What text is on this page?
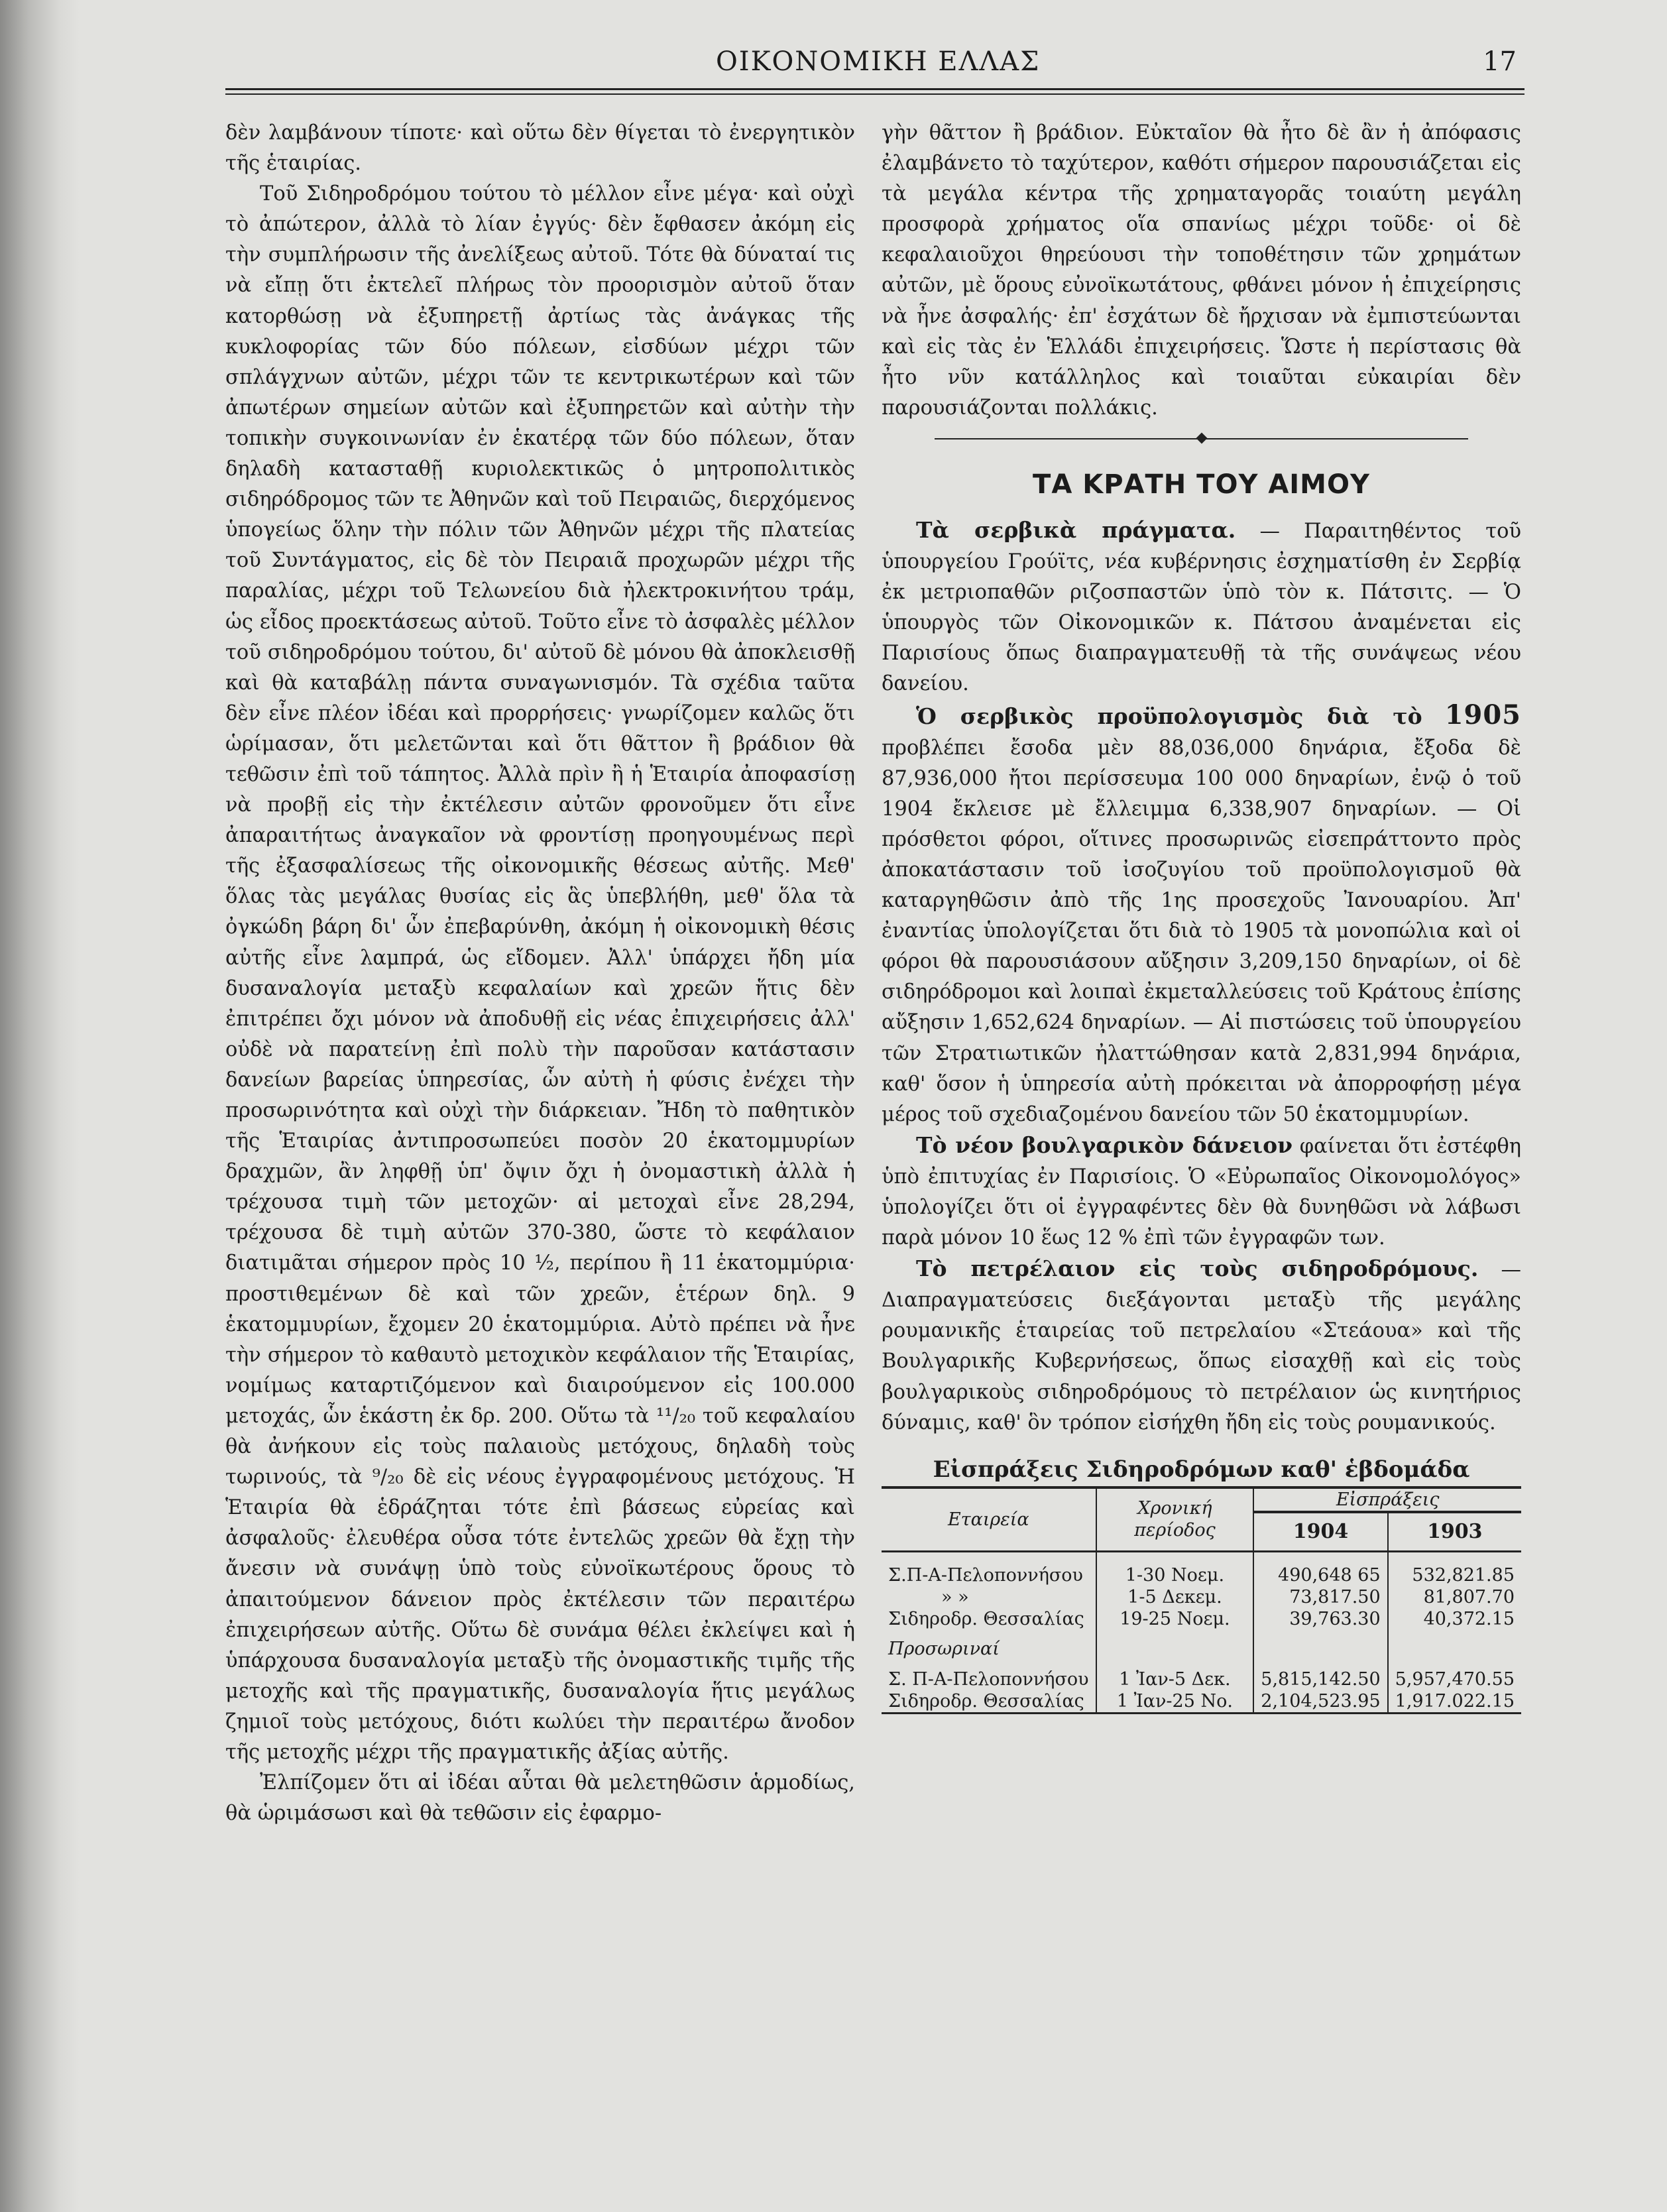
ΟΙΚΟΝΟΜΙΚΗ ΕΛΛΑΣ	17

δὲν λαμβάνουν τίποτε· καὶ οὕτω δὲν θίγεται τὸ ἐνεργητικὸν τῆς ἑταιρίας.

Τοῦ Σιδηροδρόμου τούτου τὸ μέλλον εἶνε μέγα· καὶ οὐχὶ τὸ ἀπώτερον, ἀλλὰ τὸ λίαν ἐγγύς· δὲν ἔφθασεν ἀκόμη εἰς τὴν συμπλήρωσιν τῆς ἀνελίξεως αὐτοῦ. Τότε θὰ δύναταί τις νὰ εἴπῃ ὅτι ἐκτελεῖ πλήρως τὸν προορισμὸν αὐτοῦ ὅταν κατορθώσῃ νὰ ἐξυπηρετῇ ἀρτίως τὰς ἀνάγκας τῆς κυκλοφορίας τῶν δύο πόλεων, εἰσδύων μέχρι τῶν σπλάγχνων αὐτῶν, μέχρι τῶν τε κεντρικωτέρων καὶ τῶν ἀπωτέρων σημείων αὐτῶν καὶ ἐξυπηρετῶν καὶ αὐτὴν τὴν τοπικὴν συγκοινωνίαν ἐν ἑκατέρᾳ τῶν δύο πόλεων, ὅταν δηλαδὴ κατασταθῇ κυριολεκτικῶς ὁ μητροπολιτικὸς σιδηρόδρομος τῶν τε Ἀθηνῶν καὶ τοῦ Πειραιῶς, διερχόμενος ὑπογείως ὅλην τὴν πόλιν τῶν Ἀθηνῶν μέχρι τῆς πλατείας τοῦ Συντάγματος, εἰς δὲ τὸν Πειραιᾶ προχωρῶν μέχρι τῆς παραλίας, μέχρι τοῦ Τελωνείου διὰ ἠλεκτροκινήτου τράμ, ὡς εἶδος προεκτάσεως αὐτοῦ. Τοῦτο εἶνε τὸ ἀσφαλὲς μέλλον τοῦ σιδηροδρόμου τούτου, δι' αὐτοῦ δὲ μόνου θὰ ἀποκλεισθῇ καὶ θὰ καταβάλῃ πάντα συναγωνισμόν. Τὰ σχέδια ταῦτα δὲν εἶνε πλέον ἰδέαι καὶ προρρήσεις· γνωρίζομεν καλῶς ὅτι ὡρίμασαν, ὅτι μελετῶνται καὶ ὅτι θᾶττον ἢ βράδιον θὰ τεθῶσιν ἐπὶ τοῦ τάπητος. Ἀλλὰ πρὶν ἢ ἡ Ἑταιρία ἀποφασίσῃ νὰ προβῇ εἰς τὴν ἐκτέλεσιν αὐτῶν φρονοῦμεν ὅτι εἶνε ἀπαραιτήτως ἀναγκαῖον νὰ φροντίσῃ προηγουμένως περὶ τῆς ἐξασφαλίσεως τῆς οἰκονομικῆς θέσεως αὐτῆς. Μεθ' ὅλας τὰς μεγάλας θυσίας εἰς ἃς ὑπεβλήθη, μεθ' ὅλα τὰ ὀγκώδη βάρη δι' ὧν ἐπεβαρύνθη, ἀκόμη ἡ οἰκονομικὴ θέσις αὐτῆς εἶνε λαμπρά, ὡς εἴδομεν. Ἀλλ' ὑπάρχει ἤδη μία δυσαναλογία μεταξὺ κεφαλαίων καὶ χρεῶν ἥτις δὲν ἐπιτρέπει ὄχι μόνον νὰ ἀποδυθῇ εἰς νέας ἐπιχειρήσεις ἀλλ' οὐδὲ νὰ παρατείνῃ ἐπὶ πολὺ τὴν παροῦσαν κατάστασιν δανείων βαρείας ὑπηρεσίας, ὧν αὐτὴ ἡ φύσις ἐνέχει τὴν προσωρινότητα καὶ οὐχὶ τὴν διάρκειαν. Ἤδη τὸ παθητικὸν τῆς Ἑταιρίας ἀντιπροσωπεύει ποσὸν 20 ἑκατομμυρίων δραχμῶν, ἂν ληφθῇ ὑπ' ὄψιν ὄχι ἡ ὀνομαστικὴ ἀλλὰ ἡ τρέχουσα τιμὴ τῶν μετοχῶν· αἱ μετοχαὶ εἶνε 28,294, τρέχουσα δὲ τιμὴ αὐτῶν 370-380, ὥστε τὸ κεφάλαιον διατιμᾶται σήμερον πρὸς 10 ½, περίπου ἢ 11 ἑκατομμύρια· προστιθεμένων δὲ καὶ τῶν χρεῶν, ἑτέρων δηλ. 9 ἑκατομμυρίων, ἔχομεν 20 ἑκατομμύρια. Αὐτὸ πρέπει νὰ ἦνε τὴν σήμερον τὸ καθαυτὸ μετοχικὸν κεφάλαιον τῆς Ἑταιρίας, νομίμως καταρτιζόμενον καὶ διαιρούμενον εἰς 100.000 μετοχάς, ὧν ἑκάστη ἐκ δρ. 200. Οὕτω τὰ ¹¹/₂₀ τοῦ κεφαλαίου θὰ ἀνήκουν εἰς τοὺς παλαιοὺς μετόχους, δηλαδὴ τοὺς τωρινούς, τὰ ⁹/₂₀ δὲ εἰς νέους ἐγγραφομένους μετόχους. Ἡ Ἑταιρία θὰ ἑδράζηται τότε ἐπὶ βάσεως εὐρείας καὶ ἀσφαλοῦς· ἐλευθέρα οὖσα τότε ἐντελῶς χρεῶν θὰ ἔχῃ τὴν ἄνεσιν νὰ συνάψῃ ὑπὸ τοὺς εὐνοϊκωτέρους ὅρους τὸ ἀπαιτούμενον δάνειον πρὸς ἐκτέλεσιν τῶν περαιτέρω ἐπιχειρήσεων αὐτῆς. Οὕτω δὲ συνάμα θέλει ἐκλείψει καὶ ἡ ὑπάρχουσα δυσαναλογία μεταξὺ τῆς ὀνομαστικῆς τιμῆς τῆς μετοχῆς καὶ τῆς πραγματικῆς, δυσαναλογία ἥτις μεγάλως ζημιοῖ τοὺς μετόχους, διότι κωλύει τὴν περαιτέρω ἄνοδον τῆς μετοχῆς μέχρι τῆς πραγματικῆς ἀξίας αὐτῆς.

Ἐλπίζομεν ὅτι αἱ ἰδέαι αὗται θὰ μελετηθῶσιν ἁρμοδίως, θὰ ὡριμάσωσι καὶ θὰ τεθῶσιν εἰς ἐφαρμο-

γὴν θᾶττον ἢ βράδιον. Εὐκταῖον θὰ ἦτο δὲ ἂν ἡ ἀπόφασις ἐλαμβάνετο τὸ ταχύτερον, καθότι σήμερον παρουσιάζεται εἰς τὰ μεγάλα κέντρα τῆς χρηματαγορᾶς τοιαύτη μεγάλη προσφορὰ χρήματος οἵα σπανίως μέχρι τοῦδε· οἱ δὲ κεφαλαιοῦχοι θηρεύουσι τὴν τοποθέτησιν τῶν χρημάτων αὐτῶν, μὲ ὅρους εὐνοϊκωτάτους, φθάνει μόνον ἡ ἐπιχείρησις νὰ ἦνε ἀσφαλής· ἐπ' ἐσχάτων δὲ ἤρχισαν νὰ ἐμπιστεύωνται καὶ εἰς τὰς ἐν Ἑλλάδι ἐπιχειρήσεις. Ὥστε ἡ περίστασις θὰ ἦτο νῦν κατάλληλος καὶ τοιαῦται εὐκαιρίαι δὲν παρουσιάζονται πολλάκις.

ΤΑ ΚΡΑΤΗ ΤΟΥ ΑΙΜΟΥ

Τὰ σερβικὰ πράγματα. — Παραιτηθέντος τοῦ ὑπουργείου Γρούϊτς, νέα κυβέρνησις ἐσχηματίσθη ἐν Σερβίᾳ ἐκ μετριοπαθῶν ριζοσπαστῶν ὑπὸ τὸν κ. Πάτσιτς. — Ὁ ὑπουργὸς τῶν Οἰκονομικῶν κ. Πάτσου ἀναμένεται εἰς Παρισίους ὅπως διαπραγματευθῇ τὰ τῆς συνάψεως νέου δανείου.

Ὁ σερβικὸς προϋπολογισμὸς διὰ τὸ 1905 προβλέπει ἔσοδα μὲν 88,036,000 δηνάρια, ἔξοδα δὲ 87,936,000 ἤτοι περίσσευμα 100 000 δηναρίων, ἐνῷ ὁ τοῦ 1904 ἔκλεισε μὲ ἔλλειμμα 6,338,907 δηναρίων. — Οἱ πρόσθετοι φόροι, οἵτινες προσωρινῶς εἰσεπράττοντο πρὸς ἀποκατάστασιν τοῦ ἰσοζυγίου τοῦ προϋπολογισμοῦ θὰ καταργηθῶσιν ἀπὸ τῆς 1ης προσεχοῦς Ἰανουαρίου. Ἀπ' ἐναντίας ὑπολογίζεται ὅτι διὰ τὸ 1905 τὰ μονοπώλια καὶ οἱ φόροι θὰ παρουσιάσουν αὔξησιν 3,209,150 δηναρίων, οἱ δὲ σιδηρόδρομοι καὶ λοιπαὶ ἐκμεταλλεύσεις τοῦ Κράτους ἐπίσης αὔξησιν 1,652,624 δηναρίων. — Αἱ πιστώσεις τοῦ ὑπουργείου τῶν Στρατιωτικῶν ἠλαττώθησαν κατὰ 2,831,994 δηνάρια, καθ' ὅσον ἡ ὑπηρεσία αὐτὴ πρόκειται νὰ ἀπορροφήσῃ μέγα μέρος τοῦ σχεδιαζομένου δανείου τῶν 50 ἑκατομμυρίων.

Τὸ νέον βουλγαρικὸν δάνειον φαίνεται ὅτι ἐστέφθη ὑπὸ ἐπιτυχίας ἐν Παρισίοις. Ὁ «Εὐρωπαῖος Οἰκονομολόγος» ὑπολογίζει ὅτι οἱ ἐγγραφέντες δὲν θὰ δυνηθῶσι νὰ λάβωσι παρὰ μόνον 10 ἕως 12 % ἐπὶ τῶν ἐγγραφῶν των.

Τὸ πετρέλαιον εἰς τοὺς σιδηροδρόμους. —Διαπραγματεύσεις διεξάγονται μεταξὺ τῆς μεγάλης ρουμανικῆς ἑταιρείας τοῦ πετρελαίου «Στεάουα» καὶ τῆς Βουλγαρικῆς Κυβερνήσεως, ὅπως εἰσαχθῇ καὶ εἰς τοὺς βουλγαρικοὺς σιδηροδρόμους τὸ πετρέλαιον ὡς κινητήριος δύναμις, καθ' ὃν τρόπον εἰσήχθη ἤδη εἰς τοὺς ρουμανικούς.

Εἰσπράξεις Σιδηροδρόμων καθ' ἑβδομάδα
Εταιρεία	Χρονική περίοδος	Εἰσπράξεις	
		1904	1903

Σ.Π-Α-Πελοποννήσου	1-30 Νοεμ.	490,648 65	532,821.85
» »	1-5 Δεκεμ.	73,817.50	81,807.70
Σιδηροδρ. Θεσσαλίας	19-25 Νοεμ.	39,763.30	40,372.15
Προσωριναί			
Σ. Π-Α-Πελοποννήσου	1 Ἰαν-5 Δεκ.	5,815,142.50	5,957,470.55
Σιδηροδρ. Θεσσαλίας	1 Ἰαν-25 Νο.	2,104,523.95	1,917.022.15
